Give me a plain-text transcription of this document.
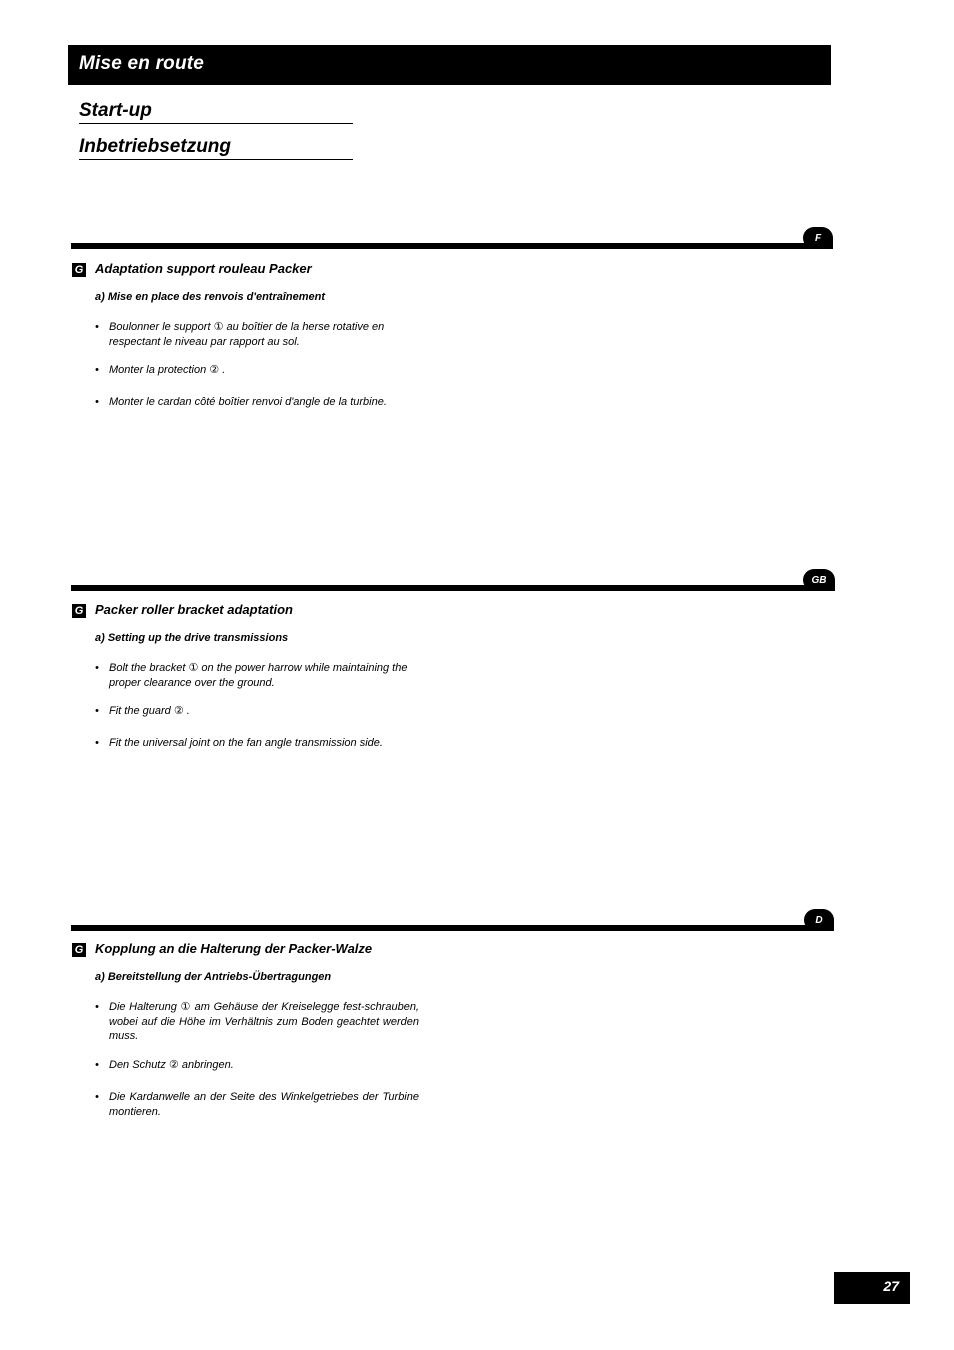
Mise en route
Start-up
Inbetriebsetzung
F
G Adaptation support rouleau Packer
a) Mise en place des renvois d'entraînement
• Boulonner le support ① au boîtier de la herse rotative en respectant le niveau par rapport au sol.
• Monter la protection ② .
• Monter le cardan côté boîtier renvoi d'angle de la turbine.
GB
G Packer roller bracket adaptation
a) Setting up the drive transmissions
• Bolt the bracket ① on the power harrow while maintaining the proper clearance over the ground.
• Fit the guard ② .
• Fit the universal joint on the fan angle transmission side.
D
G Kopplung an die Halterung der Packer-Walze
a) Bereitstellung der Antriebs-Übertragungen
• Die Halterung ① am Gehäuse der Kreiselegge fest-schrauben, wobei auf die Höhe im Verhältnis zum Boden geachtet werden muss.
• Den Schutz ② anbringen.
• Die Kardanwelle an der Seite des Winkelgetriebes der Turbine montieren.
27
